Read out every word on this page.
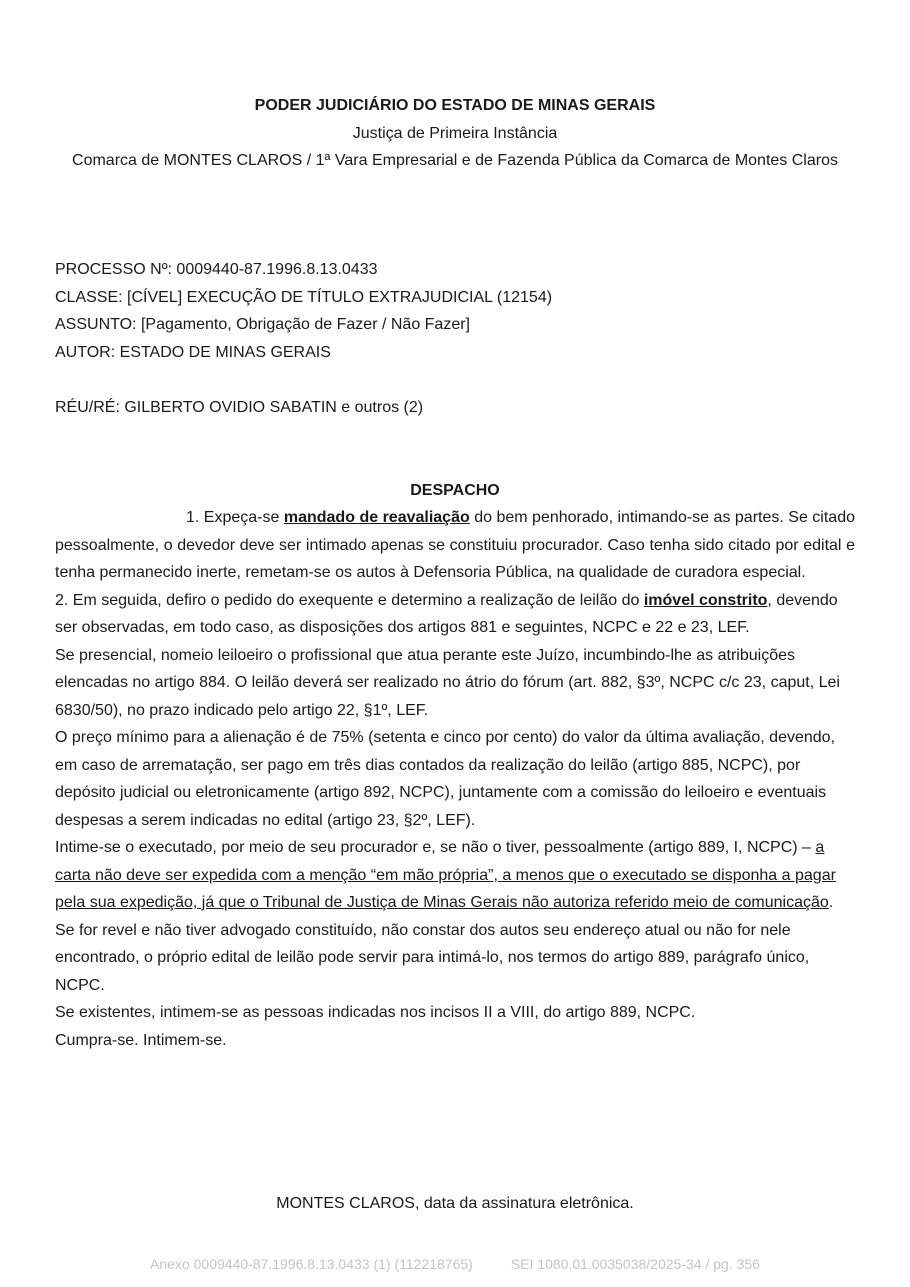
PODER JUDICIÁRIO DO ESTADO DE MINAS GERAIS
Justiça de Primeira Instância
Comarca de MONTES CLAROS / 1ª Vara Empresarial e de Fazenda Pública da Comarca de Montes Claros
PROCESSO Nº: 0009440-87.1996.8.13.0433
CLASSE: [CÍVEL] EXECUÇÃO DE TÍTULO EXTRAJUDICIAL (12154)
ASSUNTO: [Pagamento, Obrigação de Fazer / Não Fazer]
AUTOR: ESTADO DE MINAS GERAIS
RÉU/RÉ: GILBERTO OVIDIO SABATIN e outros (2)
DESPACHO

1. Expeça-se mandado de reavaliação do bem penhorado, intimando-se as partes. Se citado pessoalmente, o devedor deve ser intimado apenas se constituiu procurador. Caso tenha sido citado por edital e tenha permanecido inerte, remetam-se os autos à Defensoria Pública, na qualidade de curadora especial.

2. Em seguida, defiro o pedido do exequente e determino a realização de leilão do imóvel constrito, devendo ser observadas, em todo caso, as disposições dos artigos 881 e seguintes, NCPC e 22 e 23, LEF.

Se presencial, nomeio leiloeiro o profissional que atua perante este Juízo, incumbindo-lhe as atribuições elencadas no artigo 884. O leilão deverá ser realizado no átrio do fórum (art. 882, §3º, NCPC c/c 23, caput, Lei 6830/50), no prazo indicado pelo artigo 22, §1º, LEF.

O preço mínimo para a alienação é de 75% (setenta e cinco por cento) do valor da última avaliação, devendo, em caso de arrematação, ser pago em três dias contados da realização do leilão (artigo 885, NCPC), por depósito judicial ou eletronicamente (artigo 892, NCPC), juntamente com a comissão do leiloeiro e eventuais despesas a serem indicadas no edital (artigo 23, §2º, LEF).

Intime-se o executado, por meio de seu procurador e, se não o tiver, pessoalmente (artigo 889, I, NCPC) – a carta não deve ser expedida com a menção “em mão própria”, a menos que o executado se disponha a pagar pela sua expedição, já que o Tribunal de Justiça de Minas Gerais não autoriza referido meio de comunicação. Se for revel e não tiver advogado constituído, não constar dos autos seu endereço atual ou não for nele encontrado, o próprio edital de leilão pode servir para intimá-lo, nos termos do artigo 889, parágrafo único, NCPC.

Se existentes, intimem-se as pessoas indicadas nos incisos II a VIII, do artigo 889, NCPC.

Cumpra-se. Intimem-se.

MONTES CLAROS, data da assinatura eletrônica.
Anexo 0009440-87.1996.8.13.0433 (1) (112218765)	SEI 1080.01.0035038/2025-34 / pg. 356
